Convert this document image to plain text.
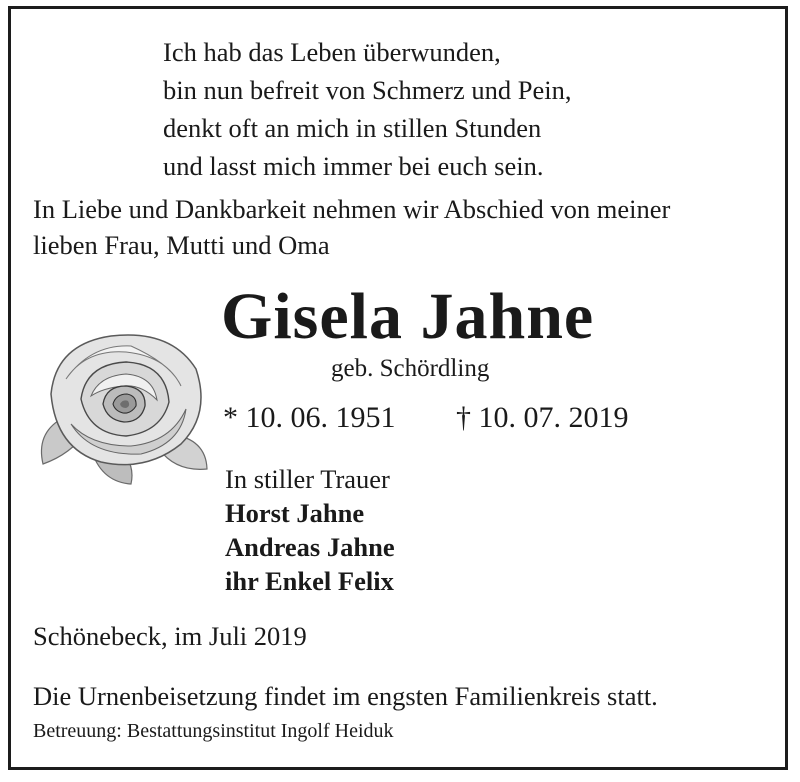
Ich hab das Leben überwunden,
bin nun befreit von Schmerz und Pein,
denkt oft an mich in stillen Stunden
und lasst mich immer bei euch sein.
In Liebe und Dankbarkeit nehmen wir Abschied von meiner
lieben Frau, Mutti und Oma
Gisela Jahne
geb. Schördling
* 10. 06. 1951 † 10. 07. 2019
In stiller Trauer
Horst Jahne
Andreas Jahne
ihr Enkel Felix
Schönebeck, im Juli 2019
Die Urnenbeisetzung findet im engsten Familienkreis statt.
Betreuung: Bestattungsinstitut Ingolf Heiduk
